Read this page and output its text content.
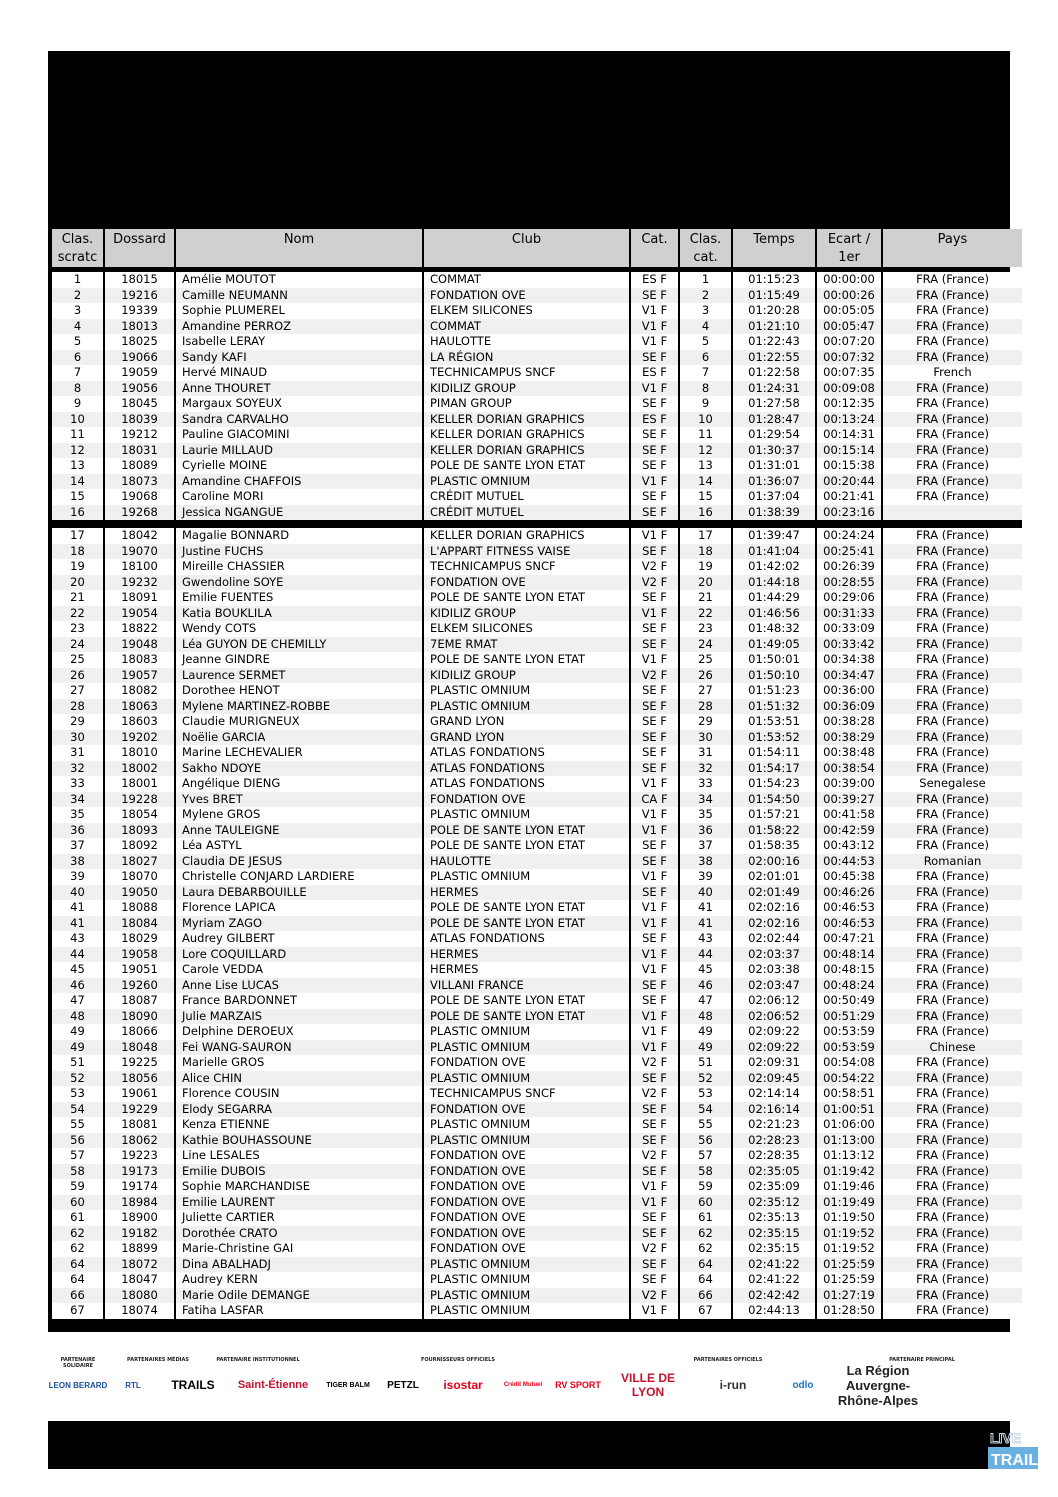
Clas.
scratc
Dossard	Nom	Club	Cat.	Clas.
cat.
Temps	Ecart /
1er
Pays
1	18015	Amélie MOUTOT	COMMAT	ES F	1	01:15:23	00:00:00	FRA (France)
2	19216	Camille NEUMANN	FONDATION OVE	SE F	2	01:15:49	00:00:26	FRA (France)
3	19339	Sophie PLUMEREL	ELKEM SILICONES	V1 F	3	01:20:28	00:05:05	FRA (France)
4	18013	Amandine PERROZ	COMMAT	V1 F	4	01:21:10	00:05:47	FRA (France)
5	18025	Isabelle LERAY	HAULOTTE	V1 F	5	01:22:43	00:07:20	FRA (France)
6	19066	Sandy KAFI	LA RÉGION	SE F	6	01:22:55	00:07:32	FRA (France)
7	19059	Hervé MINAUD	TECHNICAMPUS SNCF	ES F	7	01:22:58	00:07:35	French
8	19056	Anne THOURET	KIDILIZ GROUP	V1 F	8	01:24:31	00:09:08	FRA (France)
9	18045	Margaux SOYEUX	PIMAN GROUP	SE F	9	01:27:58	00:12:35	FRA (France)
10	18039	Sandra CARVALHO	KELLER DORIAN GRAPHICS	ES F	10	01:28:47	00:13:24	FRA (France)
11	19212	Pauline GIACOMINI	KELLER DORIAN GRAPHICS	SE F	11	01:29:54	00:14:31	FRA (France)
12	18031	Laurie MILLAUD	KELLER DORIAN GRAPHICS	SE F	12	01:30:37	00:15:14	FRA (France)
13	18089	Cyrielle MOINE	POLE DE SANTE LYON ETAT	SE F	13	01:31:01	00:15:38	FRA (France)
14	18073	Amandine CHAFFOIS	PLASTIC OMNIUM	V1 F	14	01:36:07	00:20:44	FRA (France)
15	19068	Caroline MORI	CRÉDIT MUTUEL	SE F	15	01:37:04	00:21:41	FRA (France)
16	19268	Jessica NGANGUE	CRÉDIT MUTUEL	SE F	16	01:38:39	00:23:16
17	18042	Magalie BONNARD	KELLER DORIAN GRAPHICS	V1 F	17	01:39:47	00:24:24	FRA (France)
18	19070	Justine FUCHS	L'APPART FITNESS VAISE	SE F	18	01:41:04	00:25:41	FRA (France)
19	18100	Mireille CHASSIER	TECHNICAMPUS SNCF	V2 F	19	01:42:02	00:26:39	FRA (France)
20	19232	Gwendoline SOYE	FONDATION OVE	V2 F	20	01:44:18	00:28:55	FRA (France)
21	18091	Emilie FUENTES	POLE DE SANTE LYON ETAT	SE F	21	01:44:29	00:29:06	FRA (France)
22	19054	Katia BOUKLILA	KIDILIZ GROUP	V1 F	22	01:46:56	00:31:33	FRA (France)
23	18822	Wendy COTS	ELKEM SILICONES	SE F	23	01:48:32	00:33:09	FRA (France)
24	19048	Léa GUYON DE CHEMILLY	7EME RMAT	SE F	24	01:49:05	00:33:42	FRA (France)
25	18083	Jeanne GINDRE	POLE DE SANTE LYON ETAT	V1 F	25	01:50:01	00:34:38	FRA (France)
26	19057	Laurence SERMET	KIDILIZ GROUP	V2 F	26	01:50:10	00:34:47	FRA (France)
27	18082	Dorothee HENOT	PLASTIC OMNIUM	SE F	27	01:51:23	00:36:00	FRA (France)
28	18063	Mylene MARTINEZ-ROBBE	PLASTIC OMNIUM	SE F	28	01:51:32	00:36:09	FRA (France)
29	18603	Claudie MURIGNEUX	GRAND LYON	SE F	29	01:53:51	00:38:28	FRA (France)
30	19202	Noëlie GARCIA	GRAND LYON	SE F	30	01:53:52	00:38:29	FRA (France)
31	18010	Marine LECHEVALIER	ATLAS FONDATIONS	SE F	31	01:54:11	00:38:48	FRA (France)
32	18002	Sakho NDOYE	ATLAS FONDATIONS	SE F	32	01:54:17	00:38:54	FRA (France)
33	18001	Angélique DIENG	ATLAS FONDATIONS	V1 F	33	01:54:23	00:39:00	Senegalese
34	19228	Yves BRET	FONDATION OVE	CA F	34	01:54:50	00:39:27	FRA (France)
35	18054	Mylene GROS	PLASTIC OMNIUM	V1 F	35	01:57:21	00:41:58	FRA (France)
36	18093	Anne TAULEIGNE	POLE DE SANTE LYON ETAT	V1 F	36	01:58:22	00:42:59	FRA (France)
37	18092	Léa ASTYL	POLE DE SANTE LYON ETAT	SE F	37	01:58:35	00:43:12	FRA (France)
38	18027	Claudia DE JESUS	HAULOTTE	SE F	38	02:00:16	00:44:53	Romanian
39	18070	Christelle CONJARD LARDIERE	PLASTIC OMNIUM	V1 F	39	02:01:01	00:45:38	FRA (France)
40	19050	Laura DEBARBOUILLE	HERMES	SE F	40	02:01:49	00:46:26	FRA (France)
41	18088	Florence LAPICA	POLE DE SANTE LYON ETAT	V1 F	41	02:02:16	00:46:53	FRA (France)
41	18084	Myriam ZAGO	POLE DE SANTE LYON ETAT	V1 F	41	02:02:16	00:46:53	FRA (France)
43	18029	Audrey GILBERT	ATLAS FONDATIONS	SE F	43	02:02:44	00:47:21	FRA (France)
44	19058	Lore COQUILLARD	HERMES	V1 F	44	02:03:37	00:48:14	FRA (France)
45	19051	Carole VEDDA	HERMES	V1 F	45	02:03:38	00:48:15	FRA (France)
46	19260	Anne Lise LUCAS	VILLANI FRANCE	SE F	46	02:03:47	00:48:24	FRA (France)
47	18087	France BARDONNET	POLE DE SANTE LYON ETAT	SE F	47	02:06:12	00:50:49	FRA (France)
48	18090	Julie MARZAIS	POLE DE SANTE LYON ETAT	V1 F	48	02:06:52	00:51:29	FRA (France)
49	18066	Delphine DEROEUX	PLASTIC OMNIUM	V1 F	49	02:09:22	00:53:59	FRA (France)
49	18048	Fei WANG-SAURON	PLASTIC OMNIUM	V1 F	49	02:09:22	00:53:59	Chinese
51	19225	Marielle GROS	FONDATION OVE	V2 F	51	02:09:31	00:54:08	FRA (France)
52	18056	Alice CHIN	PLASTIC OMNIUM	SE F	52	02:09:45	00:54:22	FRA (France)
53	19061	Florence COUSIN	TECHNICAMPUS SNCF	V2 F	53	02:14:14	00:58:51	FRA (France)
54	19229	Elody SEGARRA	FONDATION OVE	SE F	54	02:16:14	01:00:51	FRA (France)
55	18081	Kenza ETIENNE	PLASTIC OMNIUM	SE F	55	02:21:23	01:06:00	FRA (France)
56	18062	Kathie BOUHASSOUNE	PLASTIC OMNIUM	SE F	56	02:28:23	01:13:00	FRA (France)
57	19223	Line LESALES	FONDATION OVE	V2 F	57	02:28:35	01:13:12	FRA (France)
58	19173	Emilie DUBOIS	FONDATION OVE	SE F	58	02:35:05	01:19:42	FRA (France)
59	19174	Sophie MARCHANDISE	FONDATION OVE	V1 F	59	02:35:09	01:19:46	FRA (France)
60	18984	Emilie LAURENT	FONDATION OVE	V1 F	60	02:35:12	01:19:49	FRA (France)
61	18900	Juliette CARTIER	FONDATION OVE	SE F	61	02:35:13	01:19:50	FRA (France)
62	19182	Dorothée CRATO	FONDATION OVE	SE F	62	02:35:15	01:19:52	FRA (France)
62	18899	Marie-Christine GAI	FONDATION OVE	V2 F	62	02:35:15	01:19:52	FRA (France)
64	18072	Dina ABALHADJ	PLASTIC OMNIUM	SE F	64	02:41:22	01:25:59	FRA (France)
64	18047	Audrey KERN	PLASTIC OMNIUM	SE F	64	02:41:22	01:25:59	FRA (France)
66	18080	Marie Odile DEMANGE	PLASTIC OMNIUM	V2 F	66	02:42:42	01:27:19	FRA (France)
67	18074	Fatiha LASFAR	PLASTIC OMNIUM	V1 F	67	02:44:13	01:28:50	FRA (France)
PARTENAIRE SOLIDAIRE
PARTENAIRES MÉDIAS	PARTENAIRE INSTITUTIONNEL	FOURNISSEURS OFFICIELS	PARTENAIRES OFFICIELS	PARTENAIRE PRINCIPAL
LEON BERARD	RTL	TRAILS	Saint-Étienne	TIGER BALM	PETZL	isostar	Crédit Mutuel	RV SPORT	VILLE DE LYON	i-run	odlo
La Région Auvergne-Rhône-Alpes
LIVE
TRAIL
